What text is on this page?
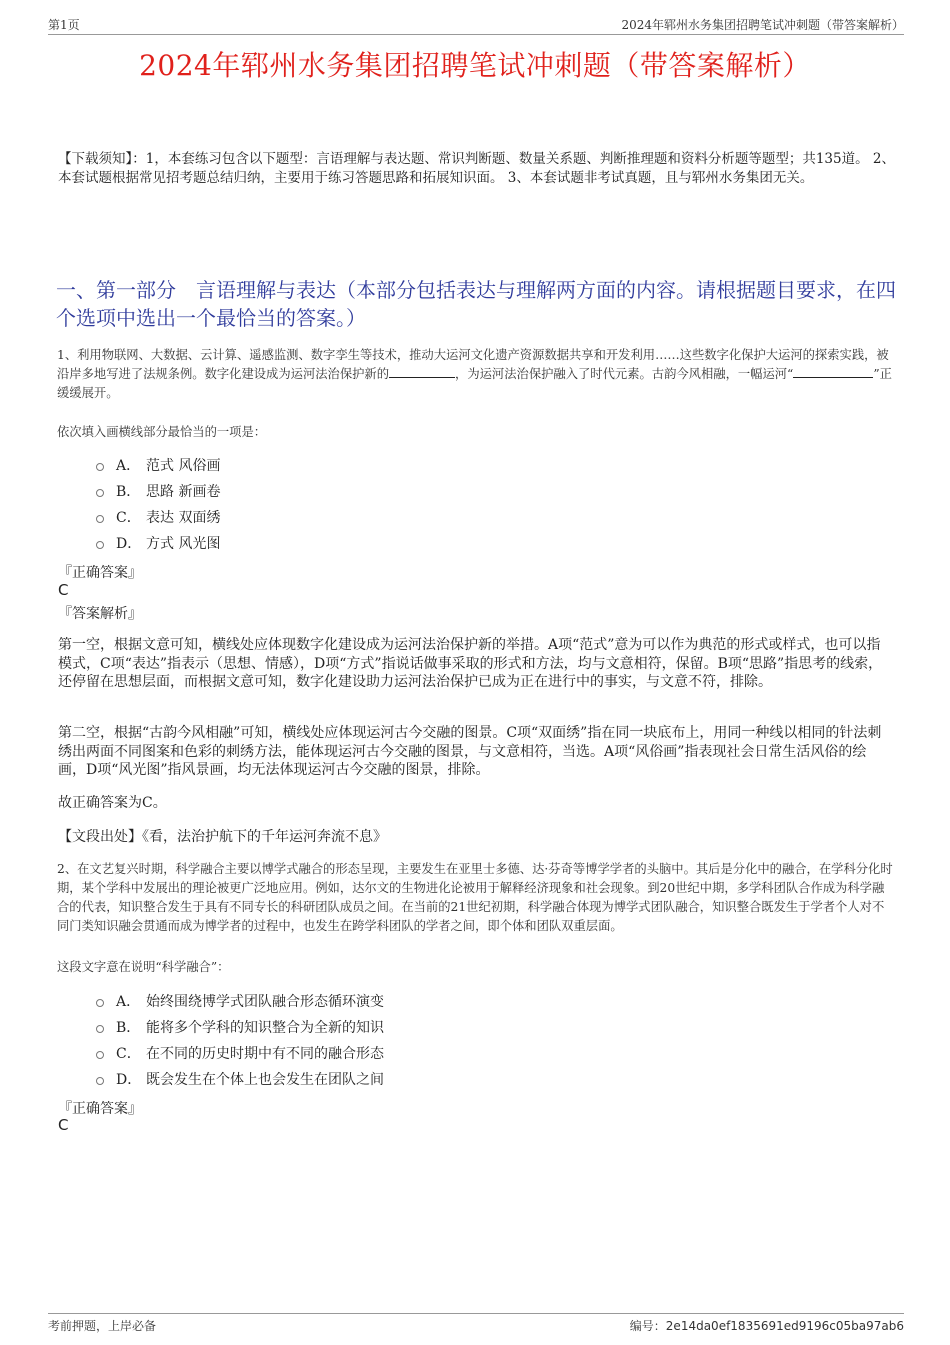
第1页	2024年郓州水务集团招聘笔试冲刺题（带答案解析）
2024年郓州水务集团招聘笔试冲刺题（带答案解析）
【下载须知】：1，本套练习包含以下题型：言语理解与表达题、常识判断题、数量关系题、判断推理题和资料分析题等题型；共135道。 2、本套试题根据常见招考题总结归纳，主要用于练习答题思路和拓展知识面。 3、本套试题非考试真题，且与郓州水务集团无关。
一、第一部分　言语理解与表达（本部分包括表达与理解两方面的内容。请根据题目要求，在四个选项中选出一个最恰当的答案。）
1、利用物联网、大数据、云计算、遥感监测、数字孪生等技术，推动大运河文化遗产资源数据共享和开发利用……这些数字化保护大运河的探索实践，被沿岸多地写进了法规条例。数字化建设成为运河法治保护新的	，为运河法治保护融入了时代元素。古韵今风相融，一幅运河“	”正缓缓展开。
依次填入画横线部分最恰当的一项是：
A． 范式 风俗画
B． 思路 新画卷
C． 表达 双面绣
D． 方式 风光图
『正确答案』
C
『答案解析』
第一空，根据文意可知，横线处应体现数字化建设成为运河法治保护新的举措。A项“范式”意为可以作为典范的形式或样式，也可以指模式，C项“表达”指表示（思想、情感），D项“方式”指说话做事采取的形式和方法，均与文意相符，保留。B项“思路”指思考的线索，还停留在思想层面，而根据文意可知，数字化建设助力运河法治保护已成为正在进行中的事实，与文意不符，排除。
第二空，根据“古韵今风相融”可知，横线处应体现运河古今交融的图景。C项“双面绣”指在同一块底布上，用同一种线以相同的针法刺绣出两面不同图案和色彩的刺绣方法，能体现运河古今交融的图景，与文意相符，当选。A项“风俗画”指表现社会日常生活风俗的绘画，D项“风光图”指风景画，均无法体现运河古今交融的图景，排除。
故正确答案为C。
【文段出处】《看，法治护航下的千年运河奔流不息》
2、在文艺复兴时期，科学融合主要以博学式融合的形态呈现，主要发生在亚里士多德、达·芬奇等博学学者的头脑中。其后是分化中的融合，在学科分化时期，某个学科中发展出的理论被更广泛地应用。例如，达尔文的生物进化论被用于解释经济现象和社会现象。到20世纪中期，多学科团队合作成为科学融合的代表，知识整合发生于具有不同专长的科研团队成员之间。在当前的21世纪初期，科学融合体现为博学式团队融合，知识整合既发生于学者个人对不同门类知识融会贯通而成为博学者的过程中，也发生在跨学科团队的学者之间，即个体和团队双重层面。
这段文字意在说明“科学融合”：
A． 始终围绕博学式团队融合形态循环演变
B． 能将多个学科的知识整合为全新的知识
C． 在不同的历史时期中有不同的融合形态
D． 既会发生在个体上也会发生在团队之间
『正确答案』
C
考前押题，上岸必备	编号：2e14da0ef1835691ed9196c05ba97ab6
